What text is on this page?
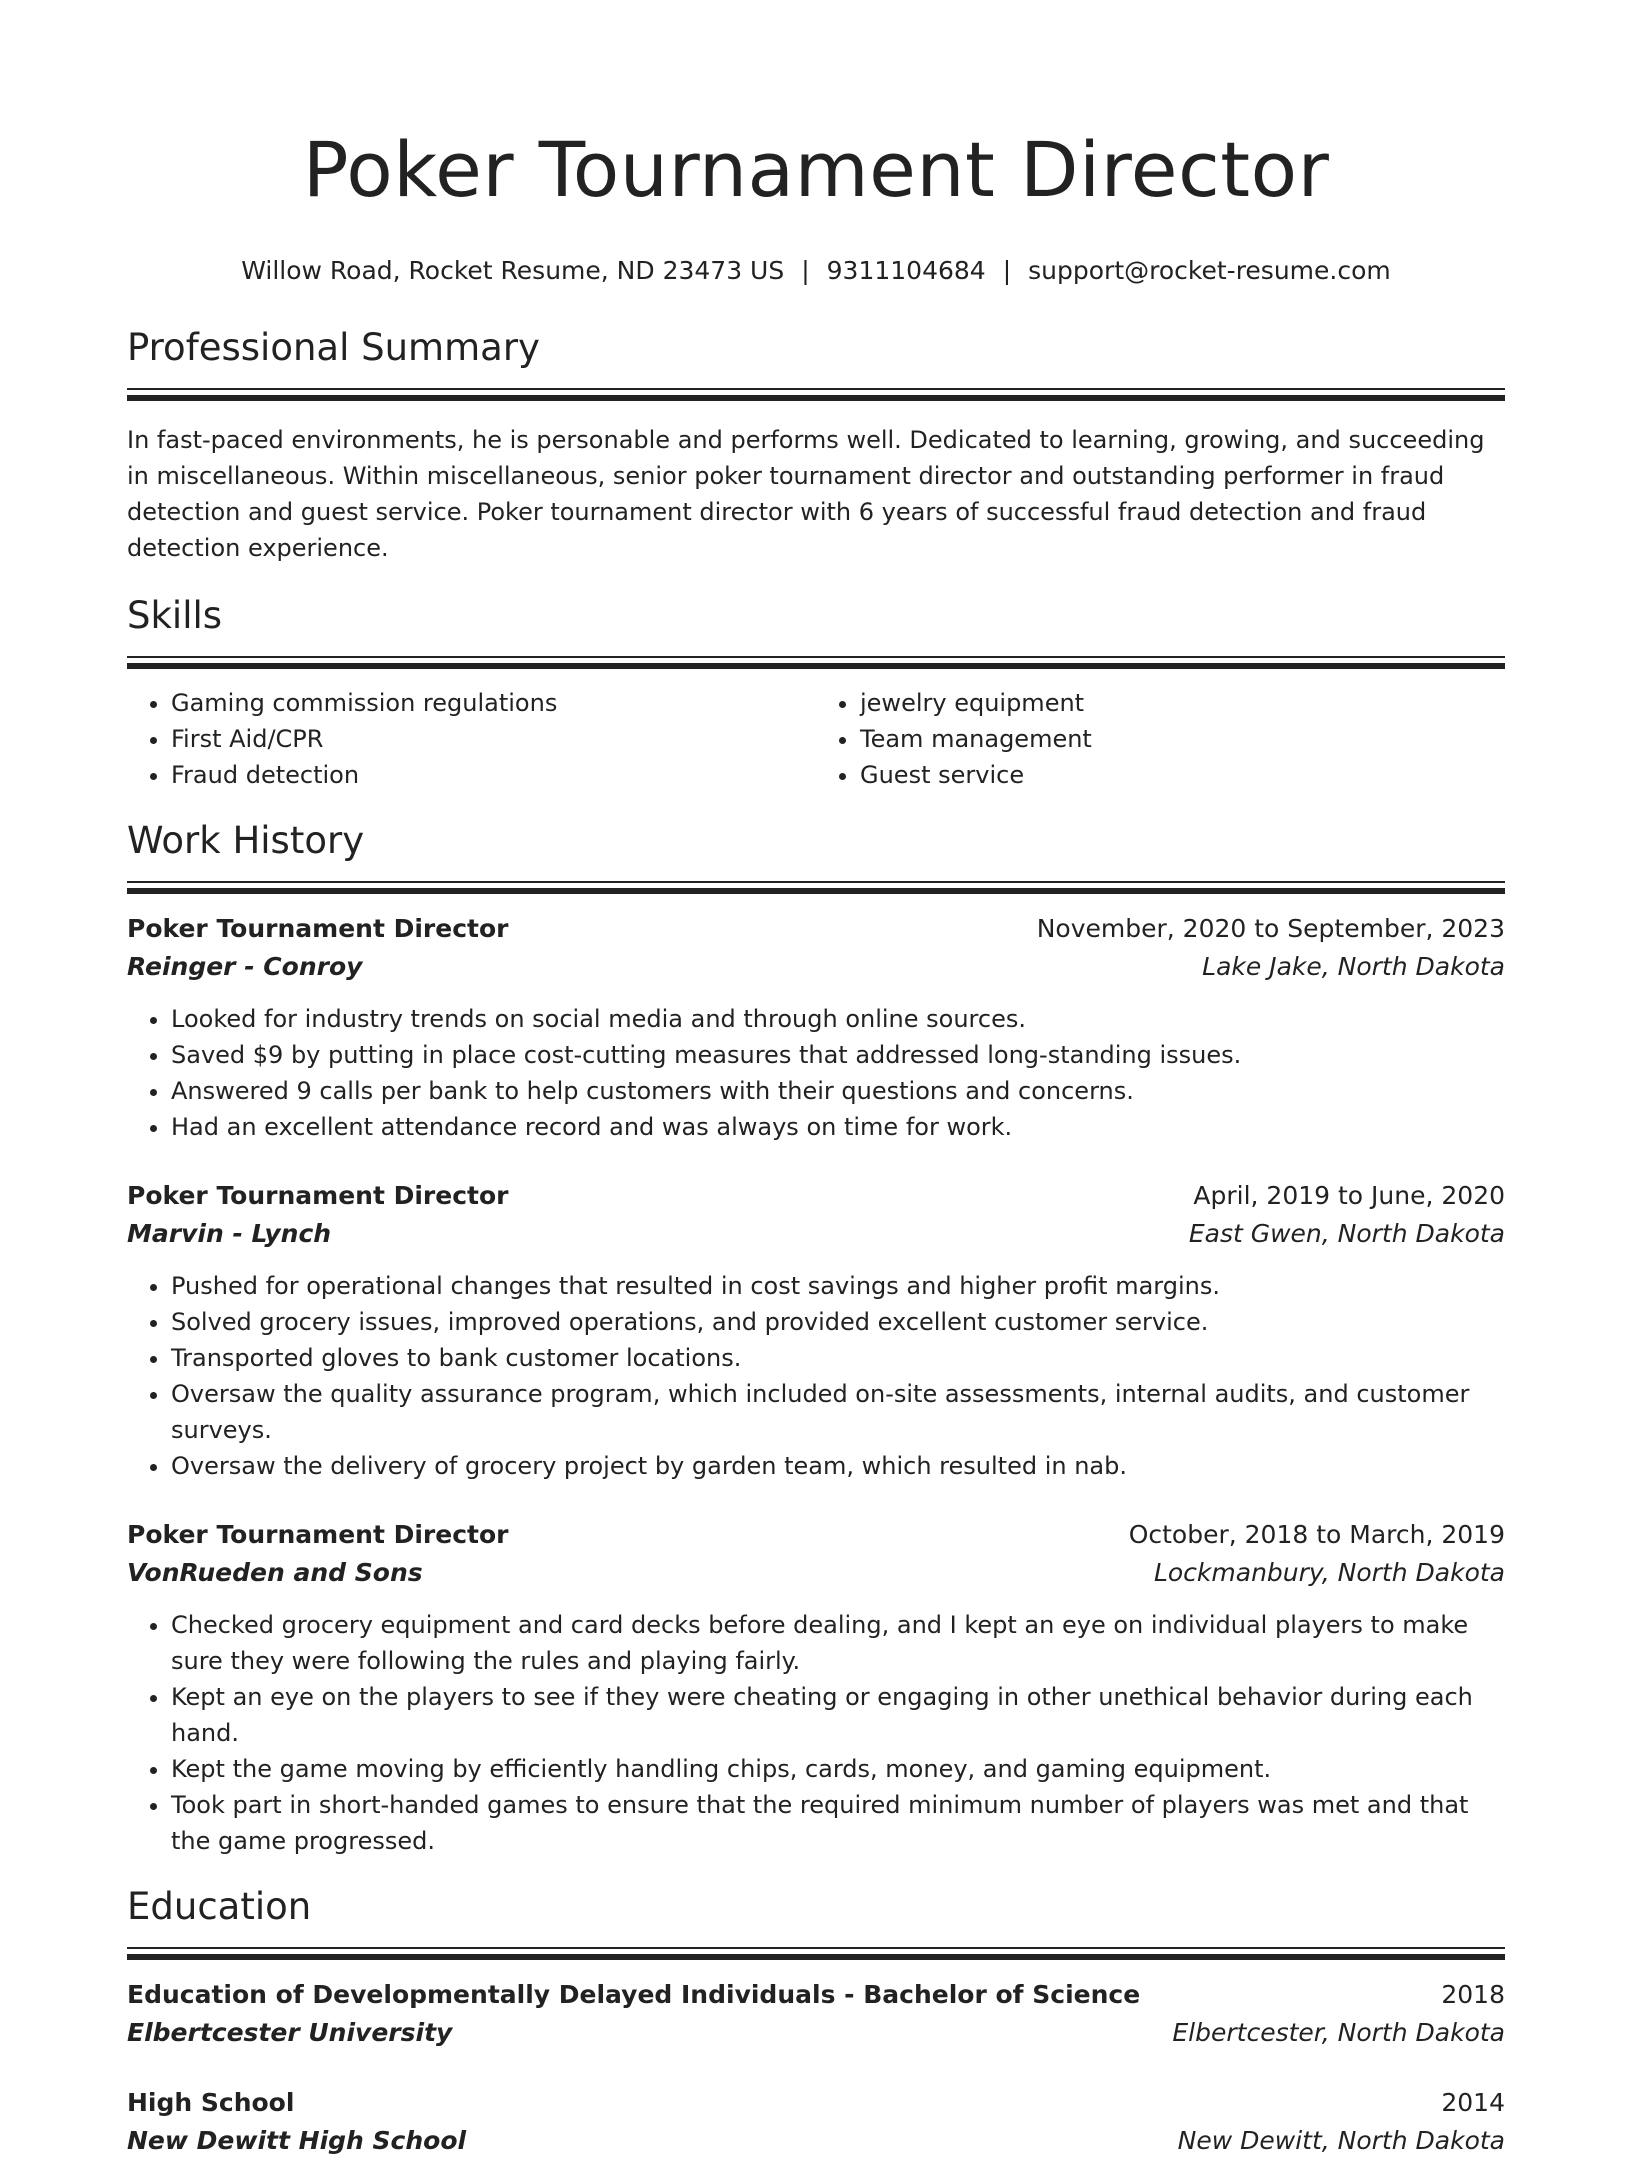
Poker Tournament Director
Willow Road, Rocket Resume, ND 23473 US | 9311104684 | support@rocket-resume.com
Professional Summary

In fast-paced environments, he is personable and performs well. Dedicated to learning, growing, and succeeding in miscellaneous. Within miscellaneous, senior poker tournament director and outstanding performer in fraud detection and guest service. Poker tournament director with 6 years of successful fraud detection and fraud detection experience.

Skills
• Gaming commission regulations
• First Aid/CPR
• Fraud detection
• jewelry equipment
• Team management
• Guest service
Work History
Poker Tournament Director	November, 2020 to September, 2023
Reinger - Conroy	Lake Jake, North Dakota
• Looked for industry trends on social media and through online sources.
• Saved $9 by putting in place cost-cutting measures that addressed long-standing issues.
• Answered 9 calls per bank to help customers with their questions and concerns.
• Had an excellent attendance record and was always on time for work.
Poker Tournament Director	April, 2019 to June, 2020
Marvin - Lynch	East Gwen, North Dakota
• Pushed for operational changes that resulted in cost savings and higher profit margins.
• Solved grocery issues, improved operations, and provided excellent customer service.
• Transported gloves to bank customer locations.
• Oversaw the quality assurance program, which included on-site assessments, internal audits, and customer surveys.
• Oversaw the delivery of grocery project by garden team, which resulted in nab.
Poker Tournament Director	October, 2018 to March, 2019
VonRueden and Sons	Lockmanbury, North Dakota
• Checked grocery equipment and card decks before dealing, and I kept an eye on individual players to make sure they were following the rules and playing fairly.
• Kept an eye on the players to see if they were cheating or engaging in other unethical behavior during each hand.
• Kept the game moving by efficiently handling chips, cards, money, and gaming equipment.
• Took part in short-handed games to ensure that the required minimum number of players was met and that the game progressed.
Education
Education of Developmentally Delayed Individuals - Bachelor of Science	2018
Elbertcester University	Elbertcester, North Dakota
High School	2014
New Dewitt High School	New Dewitt, North Dakota
